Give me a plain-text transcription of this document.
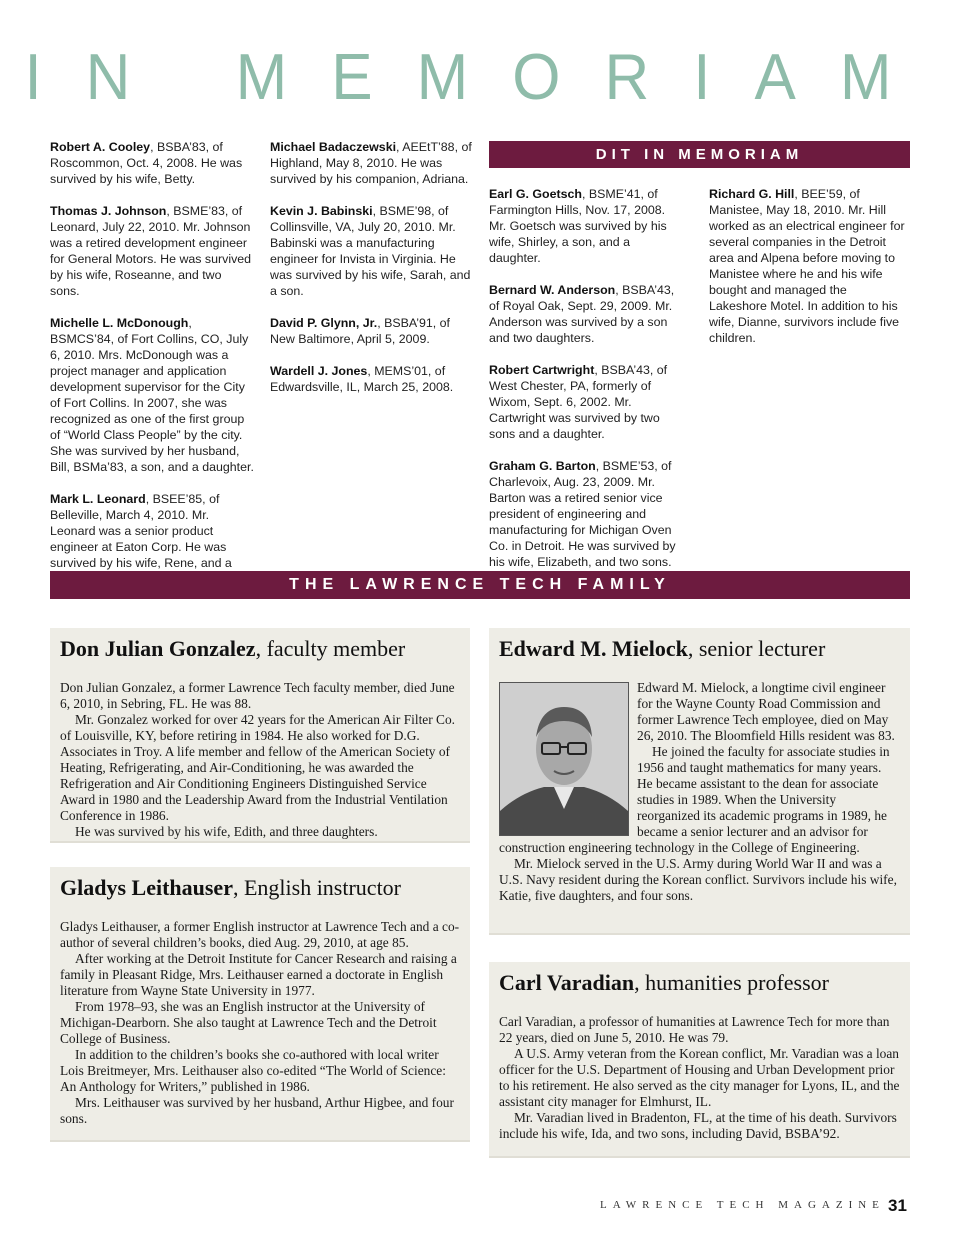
IN MEMORIAM

Robert A. Cooley, BSBA’83, of Roscommon, Oct. 4, 2008. He was survived by his wife, Betty.

Thomas J. Johnson, BSME’83, of Leonard, July 22, 2010. Mr. Johnson was a retired development engineer for General Motors. He was survived by his wife, Roseanne, and two sons.

Michelle L. McDonough, BSMCS’84, of Fort Collins, CO, July 6, 2010. Mrs. McDonough was a project manager and application development supervisor for the City of Fort Collins. In 2007, she was recognized as one of the first group of “World Class People” by the city. She was survived by her husband, Bill, BSMa’83, a son, and a daughter.

Mark L. Leonard, BSEE’85, of Belleville, March 4, 2010. Mr. Leonard was a senior product engineer at Eaton Corp. He was survived by his wife, Rene, and a

Michael Badaczewski, AEEtT’88, of Highland, May 8, 2010. He was survived by his companion, Adriana.

Kevin J. Babinski, BSME’98, of Collinsville, VA, July 20, 2010. Mr. Babinski was a manufacturing engineer for Invista in Virginia. He was survived by his wife, Sarah, and a son.

David P. Glynn, Jr., BSBA’91, of New Baltimore, April 5, 2009.

Wardell J. Jones, MEMS’01, of Edwardsville, IL, March 25, 2008.

DIT IN MEMORIAM

Earl G. Goetsch, BSME’41, of Farmington Hills, Nov. 17, 2008. Mr. Goetsch was survived by his wife, Shirley, a son, and a daughter.

Bernard W. Anderson, BSBA’43, of Royal Oak, Sept. 29, 2009. Mr. Anderson was survived by a son and two daughters.

Robert Cartwright, BSBA’43, of West Chester, PA, formerly of Wixom, Sept. 6, 2002. Mr. Cartwright was survived by two sons and a daughter.

Graham G. Barton, BSME’53, of Charlevoix, Aug. 23, 2009. Mr. Barton was a retired senior vice president of engineering and manufacturing for Michigan Oven Co. in Detroit. He was survived by his wife, Elizabeth, and two sons.

Richard G. Hill, BEE’59, of Manistee, May 18, 2010. Mr. Hill worked as an electrical engineer for several companies in the Detroit area and Alpena before moving to Manistee where he and his wife bought and managed the Lakeshore Motel. In addition to his wife, Dianne, survivors include five children.

THE LAWRENCE TECH FAMILY
Don Julian Gonzalez, faculty member

Don Julian Gonzalez, a former Lawrence Tech faculty member, died June 6, 2010, in Sebring, FL. He was 88.

Mr. Gonzalez worked for over 42 years for the American Air Filter Co. of Louisville, KY, before retiring in 1984. He also worked for D.G. Associates in Troy. A life member and fellow of the American Society of Heating, Refrigerating, and Air-Conditioning, he was awarded the Refrigeration and Air Conditioning Engineers Distinguished Service Award in 1980 and the Leadership Award from the Industrial Ventilation Conference in 1986.

He was survived by his wife, Edith, and three daughters.

Gladys Leithauser, English instructor

Gladys Leithauser, a former English instructor at Lawrence Tech and a co-author of several children’s books, died Aug. 29, 2010, at age 85.

After working at the Detroit Institute for Cancer Research and raising a family in Pleasant Ridge, Mrs. Leithauser earned a doctorate in English literature from Wayne State University in 1977.

From 1978–93, she was an English instructor at the University of Michigan-Dearborn. She also taught at Lawrence Tech and the Detroit College of Business.

In addition to the children’s books she co-authored with local writer Lois Breitmeyer, Mrs. Leithauser also co-edited “The World of Science: An Anthology for Writers,” published in 1986.

Mrs. Leithauser was survived by her husband, Arthur Higbee, and four sons.

Edward M. Mielock, senior lecturer

Edward M. Mielock, a longtime civil engineer for the Wayne County Road Commission and former Lawrence Tech employee, died on May 26, 2010. The Bloomfield Hills resident was 83.

He joined the faculty for associate studies in 1956 and taught mathematics for many years. He became assistant to the dean for associate studies in 1989. When the University reorganized its academic programs in 1989, he became a senior lecturer and an advisor for construction engineering technology in the College of Engineering.

Mr. Mielock served in the U.S. Army during World War II and was a U.S. Navy resident during the Korean conflict. Survivors include his wife, Katie, five daughters, and four sons.

Carl Varadian, humanities professor

Carl Varadian, a professor of humanities at Lawrence Tech for more than 22 years, died on June 5, 2010. He was 79.

A U.S. Army veteran from the Korean conflict, Mr. Varadian was a loan officer for the U.S. Department of Housing and Urban Development prior to his retirement. He also served as the city manager for Lyons, IL, and the assistant city manager for Elmhurst, IL.

Mr. Varadian lived in Bradenton, FL, at the time of his death. Survivors include his wife, Ida, and two sons, including David, BSBA’92.

LAWRENCE TECH MAGAZINE 31
